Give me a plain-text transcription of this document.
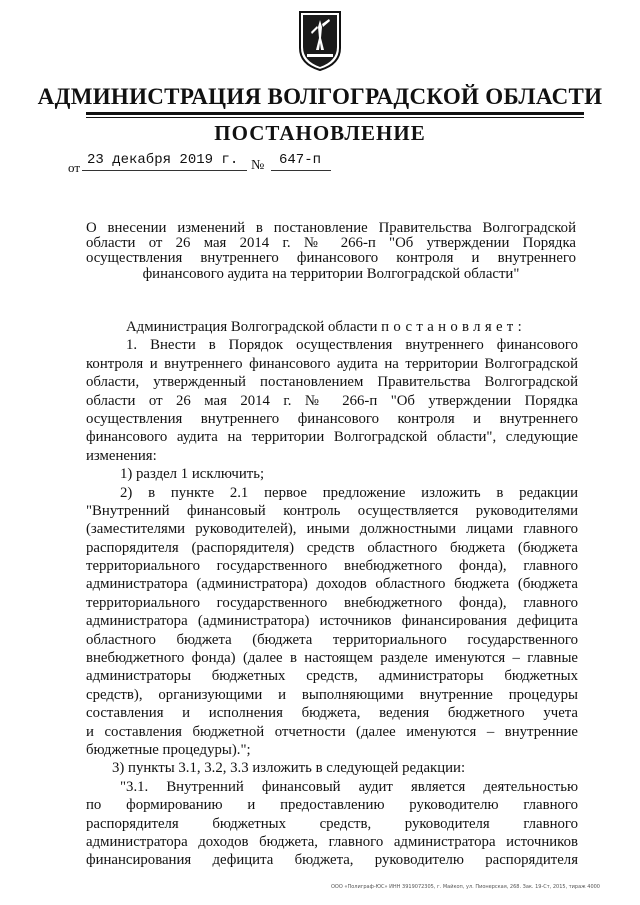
АДМИНИСТРАЦИЯ ВОЛГОГРАДСКОЙ ОБЛАСТИ
ПОСТАНОВЛЕНИЕ
от 23 декабря 2019 г. № 647-п
О внесении изменений в постановление Правительства Волгоградской
области от 26 мая 2014 г. № 266-п "Об утверждении Порядка
осуществления внутреннего финансового контроля и внутреннего
финансового аудита на территории Волгоградской области"
Администрация Волгоградской области постановляет:
1. Внести в Порядок осуществления внутреннего финансового
контроля и внутреннего финансового аудита на территории Волгоградской
области, утвержденный постановлением Правительства Волгоградской
области от 26 мая 2014 г. № 266-п "Об утверждении Порядка
осуществления внутреннего финансового контроля и внутреннего
финансового аудита на территории Волгоградской области", следующие
изменения:
1) раздел 1 исключить;
2) в пункте 2.1 первое предложение изложить в редакции
"Внутренний финансовый контроль осуществляется руководителями
(заместителями руководителей), иными должностными лицами главного
распорядителя (распорядителя) средств областного бюджета (бюджета
территориального государственного внебюджетного фонда), главного
администратора (администратора) доходов областного бюджета (бюджета
территориального государственного внебюджетного фонда), главного
администратора (администратора) источников финансирования дефицита
областного бюджета (бюджета территориального государственного
внебюджетного фонда) (далее в настоящем разделе именуются – главные
администраторы бюджетных средств, администраторы бюджетных
средств), организующими и выполняющими внутренние процедуры
составления и исполнения бюджета, ведения бюджетного учета
и составления бюджетной отчетности (далее именуются – внутренние
бюджетные процедуры).";
3) пункты 3.1, 3.2, 3.3 изложить в следующей редакции:
"3.1. Внутренний финансовый аудит является деятельностью
по формированию и предоставлению руководителю главного
распорядителя бюджетных средств, руководителя главного
администратора доходов бюджета, главного администратора источников
финансирования дефицита бюджета, руководителю распорядителя
ООО «Полиграф-ЮС» ИНН 3919072305, г. Майкоп, ул. Пионерская, 268. Зак. 19-Ст, 2015, тираж 4000
